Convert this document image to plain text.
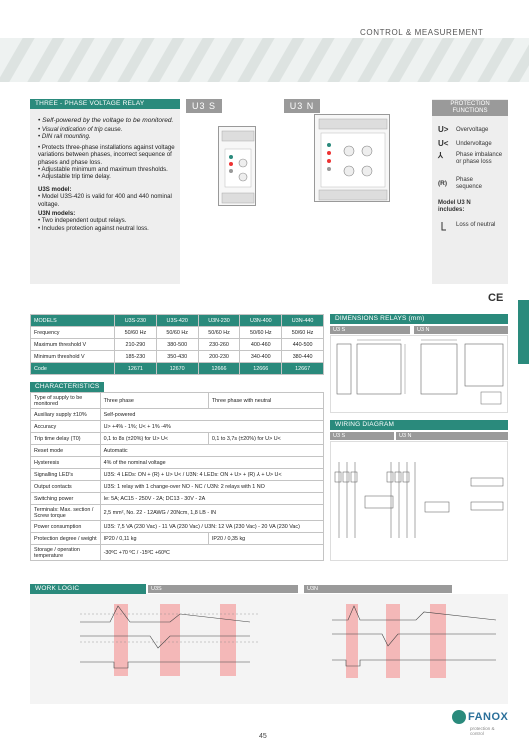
CONTROL & MEASUREMENT
THREE - PHASE VOLTAGE RELAY
• Self-powered by the voltage to be monitored.
• Visual indication of trip cause.
• DIN rail mounting.
• Protects three-phase installations against voltage variations between phases, incorrect sequence of phases and phase loss.
• Adjustable minimum and maximum thresholds.
• Adjustable trip time delay.
U3S model:
• Model U3S-420 is valid for 400 and 440 nominal voltage.
U3N models:
• Two independent output relays.
• Includes protection against neutral loss.
U3 S	U3 N	PROTECTION FUNCTIONS
U> Overvoltage
U< Undervoltage
⅄ Phase imbalance or phase loss
(R) Phase sequence
Model U3 N includes:
Loss of neutral
CE
MODELS	U3S-230	U3S-420	U3N-230	U3N-400	U3N-440
Frequency	50/60 Hz	50/60 Hz	50/60 Hz	50/60 Hz	50/60 Hz
Maximum threshold V	210-290	380-500	230-260	400-460	440-500
Minimum threshold V	185-230	350-430	200-230	340-400	380-440
Code	12671	12670	12666	12666	12667
CHARACTERISTICS
Type of supply to be monitored	Three phase	Three phase with neutral
Auxiliary supply ±10%	Self-powered	
Accuracy	U> +4% - 1%; U< + 1% -4%	
Trip time delay (T0)	0,1 to 8s (±20%) for U> U<	0,1 to 3,7s (±20%) for U> U<
Reset mode	Automatic	
Hysteresis	4% of the nominal voltage	
Signalling LED's	U3S: 4 LEDs: ON + (R) + U> U< / U3N: 4 LEDs: ON + U> + (R) ⅄ + U> U<	
Output contacts	U3S: 1 relay with 1 change-over NO - NC / U3N: 2 relays with 1 NO	
Switching power	Ie: 5A; AC15 - 250V - 2A; DC13 - 30V - 2A	
Terminals: Max. section / Screw torque	2,5 mm², No. 22 - 12AWG / 20Ncm, 1,8 LB - IN	
Power consumption	U3S: 7,5 VA (230 Vac) - 11 VA (230 Vac) / U3N: 12 VA (230 Vac) - 20 VA (230 Vac)	
Protection degree / weight	IP20 / 0,11 kg	IP20 / 0,35 kg
Storage / operation temperature	-30ºC +70 ºC / -15ºC +60ºC	
DIMENSIONS RELAYS (mm)
U3 S	U3 N
WIRING DIAGRAM
U3 S	U3 N
WORK LOGIC	U3S	U3N
45
FANOX
protection & control
